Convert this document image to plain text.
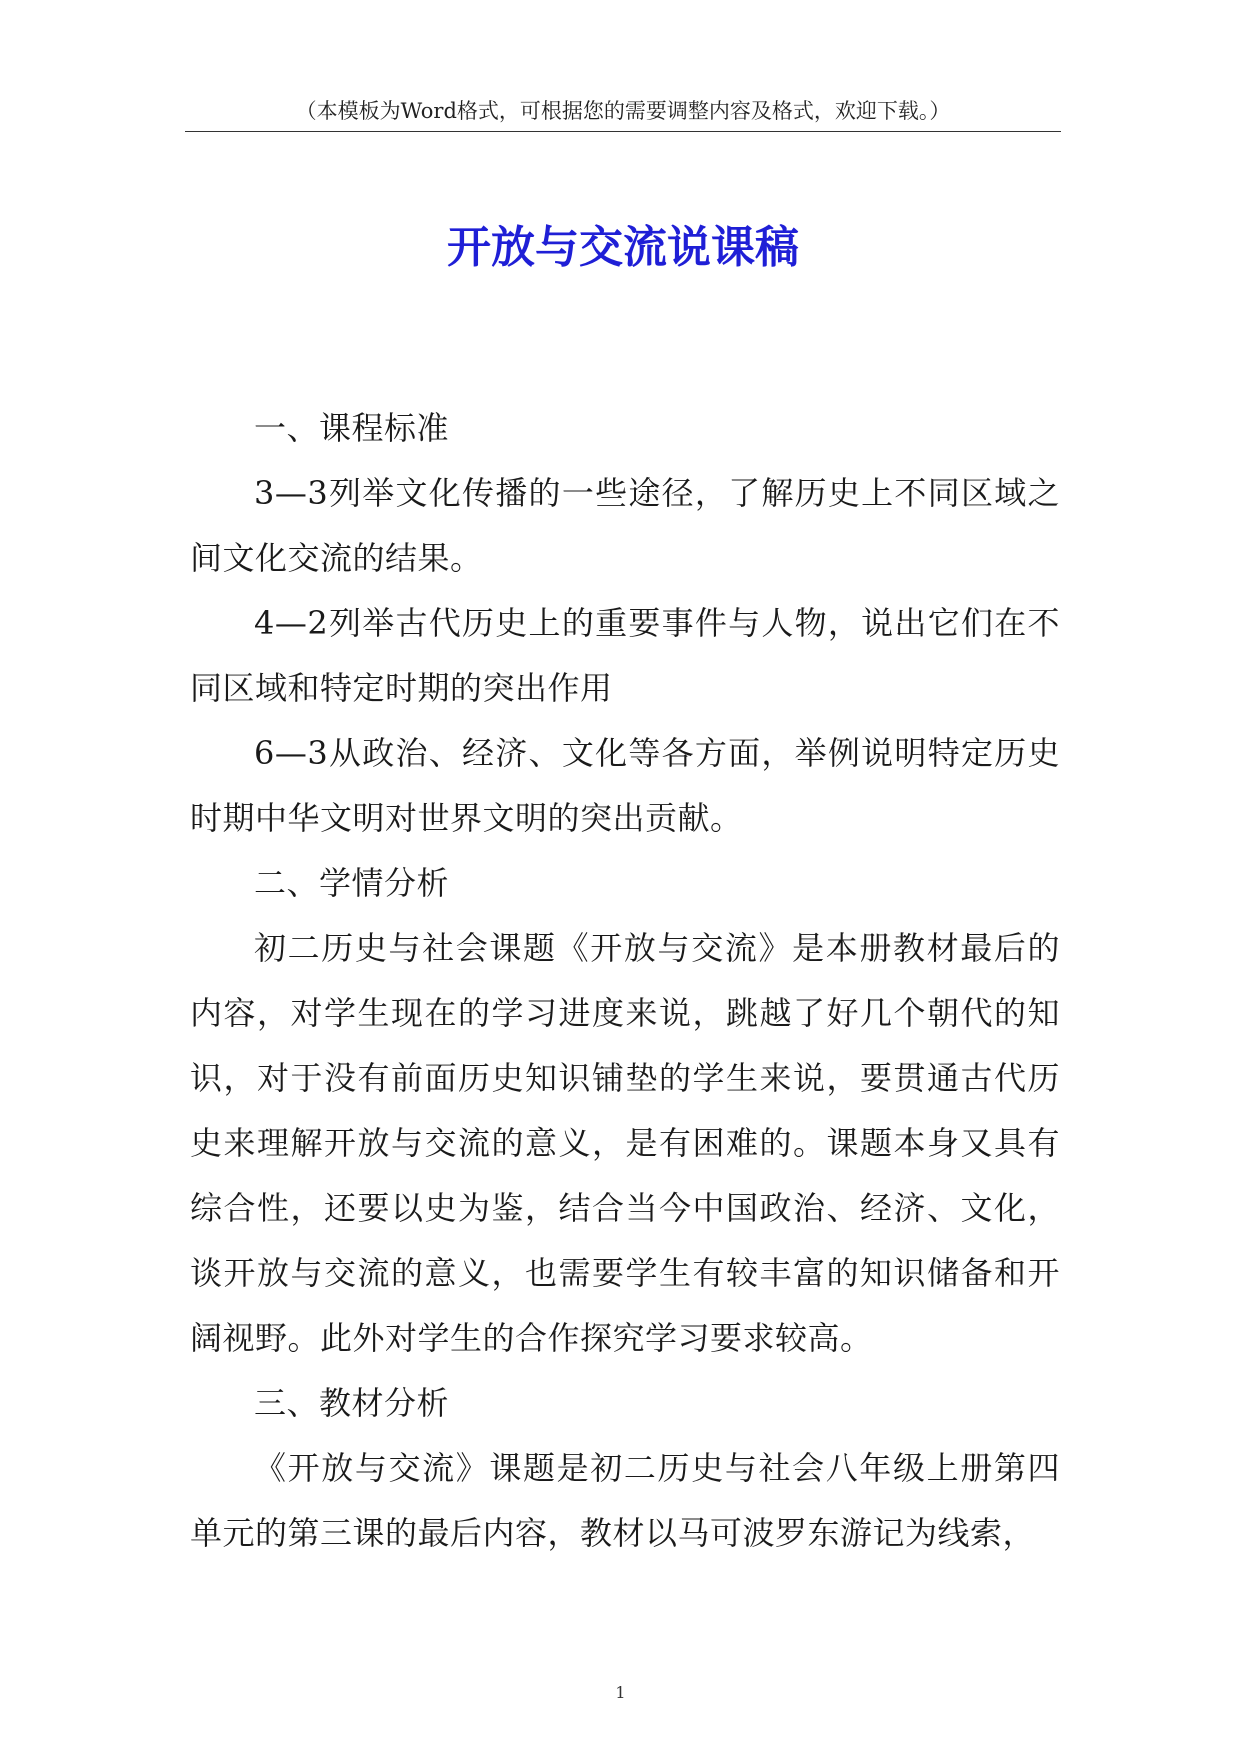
（本模板为Word格式，可根据您的需要调整内容及格式，欢迎下载。）
开放与交流说课稿

一、课程标准

3—3列举文化传播的一些途径，了解历史上不同区域之间文化交流的结果。

4—2列举古代历史上的重要事件与人物，说出它们在不同区域和特定时期的突出作用

6—3从政治、经济、文化等各方面，举例说明特定历史时期中华文明对世界文明的突出贡献。

二、学情分析

初二历史与社会课题《开放与交流》是本册教材最后的内容，对学生现在的学习进度来说，跳越了好几个朝代的知识，对于没有前面历史知识铺垫的学生来说，要贯通古代历史来理解开放与交流的意义，是有困难的。课题本身又具有综合性，还要以史为鉴，结合当今中国政治、经济、文化，谈开放与交流的意义，也需要学生有较丰富的知识储备和开阔视野。此外对学生的合作探究学习要求较高。

三、教材分析

《开放与交流》课题是初二历史与社会八年级上册第四单元的第三课的最后内容，教材以马可波罗东游记为线索，

1
